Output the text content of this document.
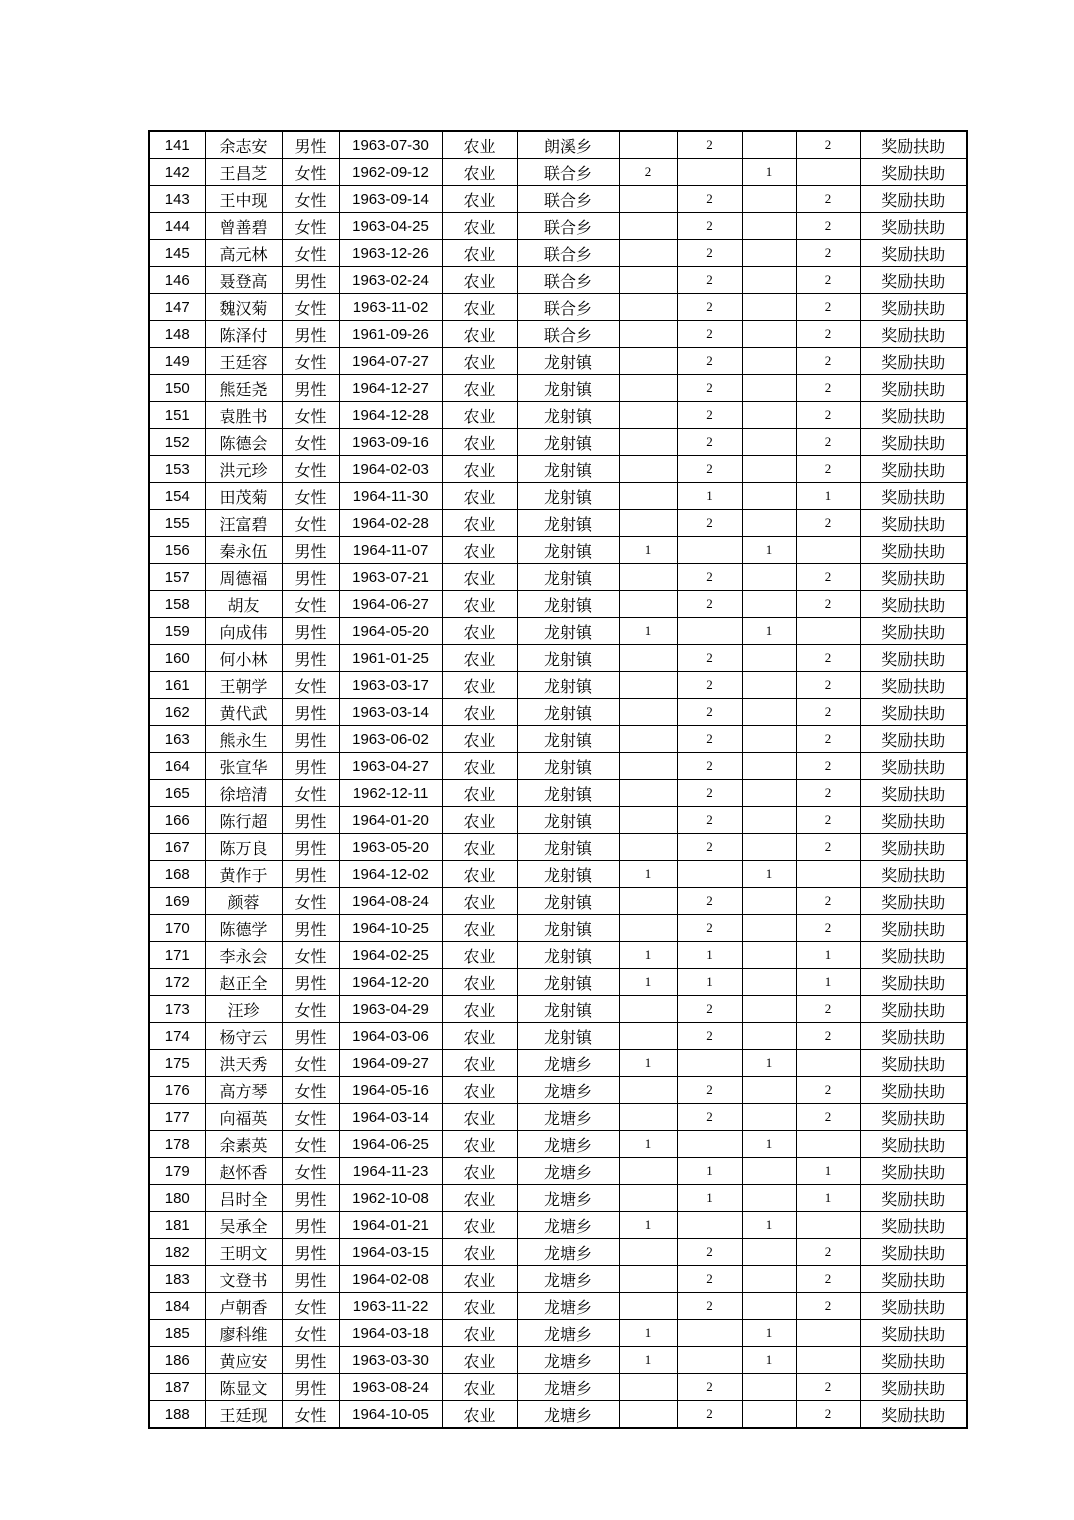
141	余志安	男性	1963-07-30	农业	朗溪乡		2		2	奖励扶助
142	王昌芝	女性	1962-09-12	农业	联合乡	2		1		奖励扶助
143	王中现	女性	1963-09-14	农业	联合乡		2		2	奖励扶助
144	曾善碧	女性	1963-04-25	农业	联合乡		2		2	奖励扶助
145	高元林	女性	1963-12-26	农业	联合乡		2		2	奖励扶助
146	聂登高	男性	1963-02-24	农业	联合乡		2		2	奖励扶助
147	魏汉菊	女性	1963-11-02	农业	联合乡		2		2	奖励扶助
148	陈泽付	男性	1961-09-26	农业	联合乡		2		2	奖励扶助
149	王廷容	女性	1964-07-27	农业	龙射镇		2		2	奖励扶助
150	熊廷尧	男性	1964-12-27	农业	龙射镇		2		2	奖励扶助
151	袁胜书	女性	1964-12-28	农业	龙射镇		2		2	奖励扶助
152	陈德会	女性	1963-09-16	农业	龙射镇		2		2	奖励扶助
153	洪元珍	女性	1964-02-03	农业	龙射镇		2		2	奖励扶助
154	田茂菊	女性	1964-11-30	农业	龙射镇		1		1	奖励扶助
155	汪富碧	女性	1964-02-28	农业	龙射镇		2		2	奖励扶助
156	秦永伍	男性	1964-11-07	农业	龙射镇	1		1		奖励扶助
157	周德福	男性	1963-07-21	农业	龙射镇		2		2	奖励扶助
158	胡友	女性	1964-06-27	农业	龙射镇		2		2	奖励扶助
159	向成伟	男性	1964-05-20	农业	龙射镇	1		1		奖励扶助
160	何小林	男性	1961-01-25	农业	龙射镇		2		2	奖励扶助
161	王朝学	女性	1963-03-17	农业	龙射镇		2		2	奖励扶助
162	黄代武	男性	1963-03-14	农业	龙射镇		2		2	奖励扶助
163	熊永生	男性	1963-06-02	农业	龙射镇		2		2	奖励扶助
164	张宣华	男性	1963-04-27	农业	龙射镇		2		2	奖励扶助
165	徐培清	女性	1962-12-11	农业	龙射镇		2		2	奖励扶助
166	陈行超	男性	1964-01-20	农业	龙射镇		2		2	奖励扶助
167	陈万良	男性	1963-05-20	农业	龙射镇		2		2	奖励扶助
168	黄作于	男性	1964-12-02	农业	龙射镇	1		1		奖励扶助
169	颜蓉	女性	1964-08-24	农业	龙射镇		2		2	奖励扶助
170	陈德学	男性	1964-10-25	农业	龙射镇		2		2	奖励扶助
171	李永会	女性	1964-02-25	农业	龙射镇	1	1		1	奖励扶助
172	赵正全	男性	1964-12-20	农业	龙射镇	1	1		1	奖励扶助
173	汪珍	女性	1963-04-29	农业	龙射镇		2		2	奖励扶助
174	杨守云	男性	1964-03-06	农业	龙射镇		2		2	奖励扶助
175	洪天秀	女性	1964-09-27	农业	龙塘乡	1		1		奖励扶助
176	高方琴	女性	1964-05-16	农业	龙塘乡		2		2	奖励扶助
177	向福英	女性	1964-03-14	农业	龙塘乡		2		2	奖励扶助
178	余素英	女性	1964-06-25	农业	龙塘乡	1		1		奖励扶助
179	赵怀香	女性	1964-11-23	农业	龙塘乡		1		1	奖励扶助
180	吕时全	男性	1962-10-08	农业	龙塘乡		1		1	奖励扶助
181	吴承全	男性	1964-01-21	农业	龙塘乡	1		1		奖励扶助
182	王明文	男性	1964-03-15	农业	龙塘乡		2		2	奖励扶助
183	文登书	男性	1964-02-08	农业	龙塘乡		2		2	奖励扶助
184	卢朝香	女性	1963-11-22	农业	龙塘乡		2		2	奖励扶助
185	廖科维	女性	1964-03-18	农业	龙塘乡	1		1		奖励扶助
186	黄应安	男性	1963-03-30	农业	龙塘乡	1		1		奖励扶助
187	陈显文	男性	1963-08-24	农业	龙塘乡		2		2	奖励扶助
188	王廷现	女性	1964-10-05	农业	龙塘乡		2		2	奖励扶助
